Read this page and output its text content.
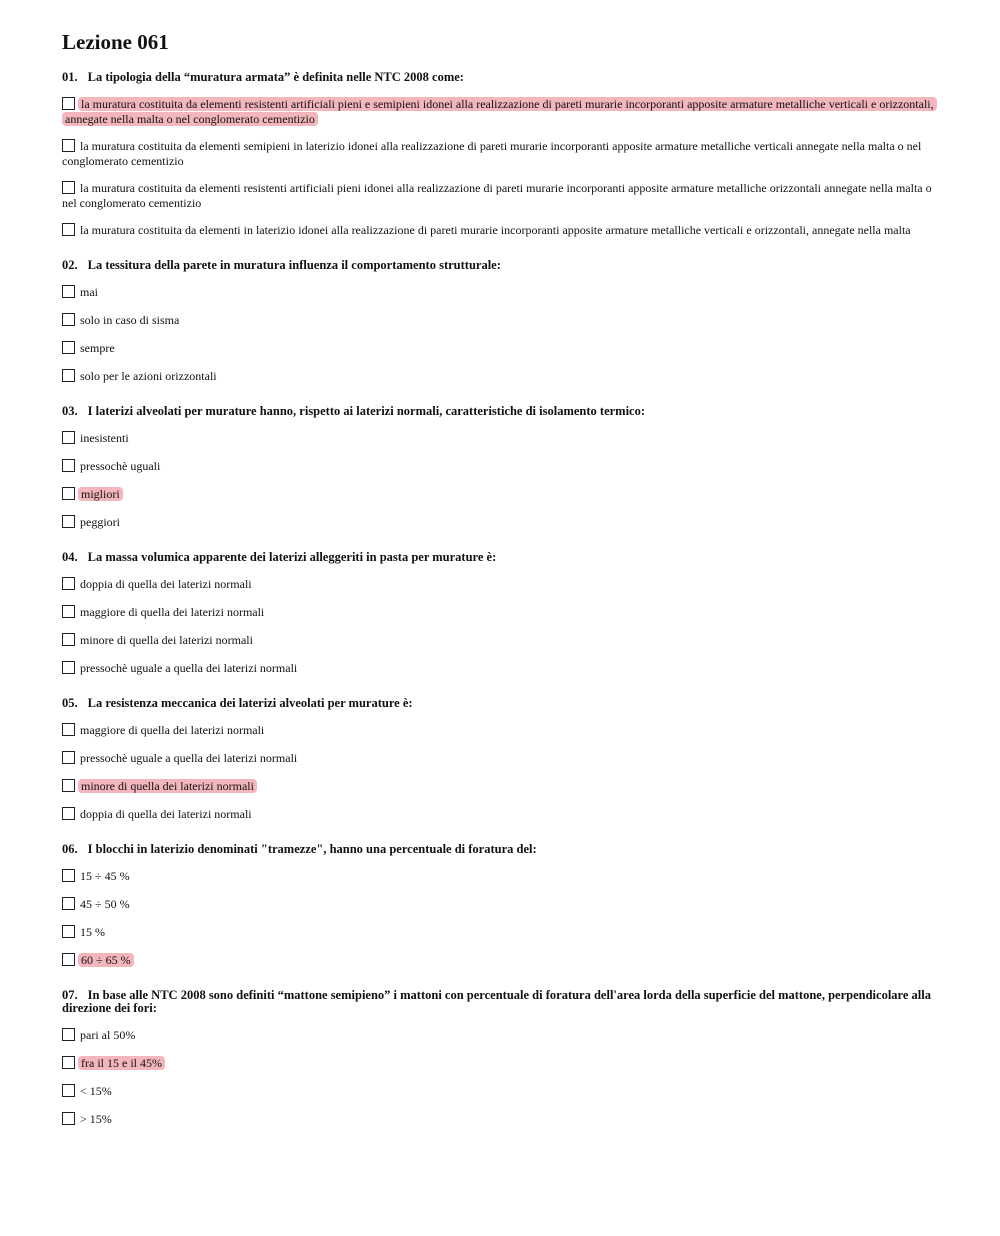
Lezione 061
01. La tipologia della “muratura armata” è definita nelle NTC 2008 come:
la muratura costituita da elementi resistenti artificiali pieni e semipieni idonei alla realizzazione di pareti murarie incorporanti apposite armature metalliche verticali e orizzontali, annegate nella malta o nel conglomerato cementizio
la muratura costituita da elementi semipieni in laterizio idonei alla realizzazione di pareti murarie incorporanti apposite armature metalliche verticali annegate nella malta o nel conglomerato cementizio
la muratura costituita da elementi resistenti artificiali pieni idonei alla realizzazione di pareti murarie incorporanti apposite armature metalliche orizzontali annegate nella malta o nel conglomerato cementizio
la muratura costituita da elementi in laterizio idonei alla realizzazione di pareti murarie incorporanti apposite armature metalliche verticali e orizzontali, annegate nella malta
02. La tessitura della parete in muratura influenza il comportamento strutturale:
mai
solo in caso di sisma
sempre
solo per le azioni orizzontali
03. I laterizi alveolati per murature hanno, rispetto ai laterizi normali, caratteristiche di isolamento termico:
inesistenti
pressochè uguali
migliori
peggiori
04. La massa volumica apparente dei laterizi alleggeriti in pasta per murature è:
doppia di quella dei laterizi normali
maggiore di quella dei laterizi normali
minore di quella dei laterizi normali
pressochè uguale a quella dei laterizi normali
05. La resistenza meccanica dei laterizi alveolati per murature è:
maggiore di quella dei laterizi normali
pressochè uguale a quella dei laterizi normali
minore di quella dei laterizi normali
doppia di quella dei laterizi normali
06. I blocchi in laterizio denominati "tramezze", hanno una percentuale di foratura del:
15 ÷ 45 %
45 ÷ 50 %
15 %
60 ÷ 65 %
07. In base alle NTC 2008 sono definiti “mattone semipieno” i mattoni con percentuale di foratura dell'area lorda della superficie del mattone, perpendicolare alla direzione dei fori:
pari al 50%
fra il 15 e il 45%
< 15%
> 15%
